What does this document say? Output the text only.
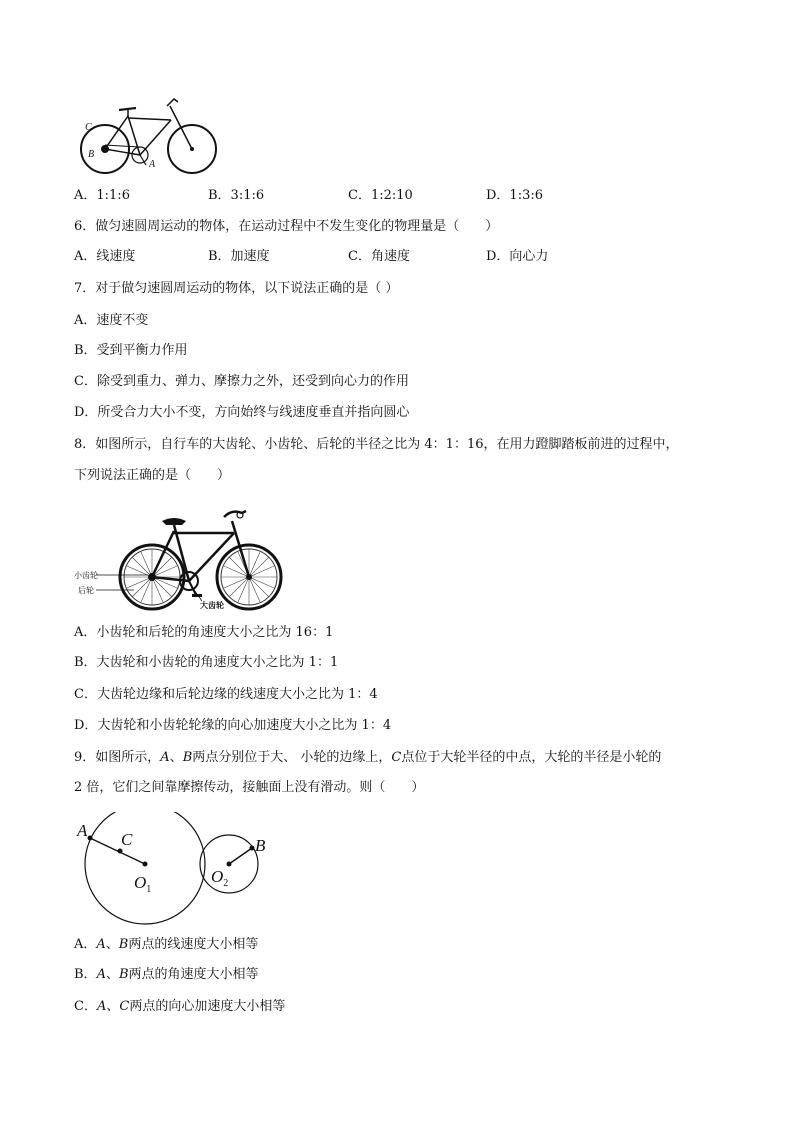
C
B
A
A．1:1:6	B．3:1:6	C．1:2:10	D．1:3:6
6．做匀速圆周运动的物体，在运动过程中不发生变化的物理量是（　　）
A．线速度	B．加速度	C．角速度	D．向心力
7．对于做匀速圆周运动的物体，以下说法正确的是（ ）
A．速度不变
B．受到平衡力作用
C．除受到重力、弹力、摩擦力之外，还受到向心力的作用
D．所受合力大小不变，方向始终与线速度垂直并指向圆心
8．如图所示，自行车的大齿轮、小齿轮、后轮的半径之比为 4：1：16，在用力蹬脚踏板前进的过程中，
下列说法正确的是（　　）
小齿轮
后轮
大齿轮
A．小齿轮和后轮的角速度大小之比为 16：1
B．大齿轮和小齿轮的角速度大小之比为 1：1
C．大齿轮边缘和后轮边缘的线速度大小之比为 1：4
D．大齿轮和小齿轮轮缘的向心加速度大小之比为 1：4
9．如图所示，A、B两点分别位于大、 小轮的边缘上，C点位于大轮半径的中点，大轮的半径是小轮的
2 倍，它们之间靠摩擦传动，接触面上没有滑动。则（　　）
A C
$O_1$
$O_2$
B
A．A、B两点的线速度大小相等
B．A、B两点的角速度大小相等
C．A、C两点的向心加速度大小相等
